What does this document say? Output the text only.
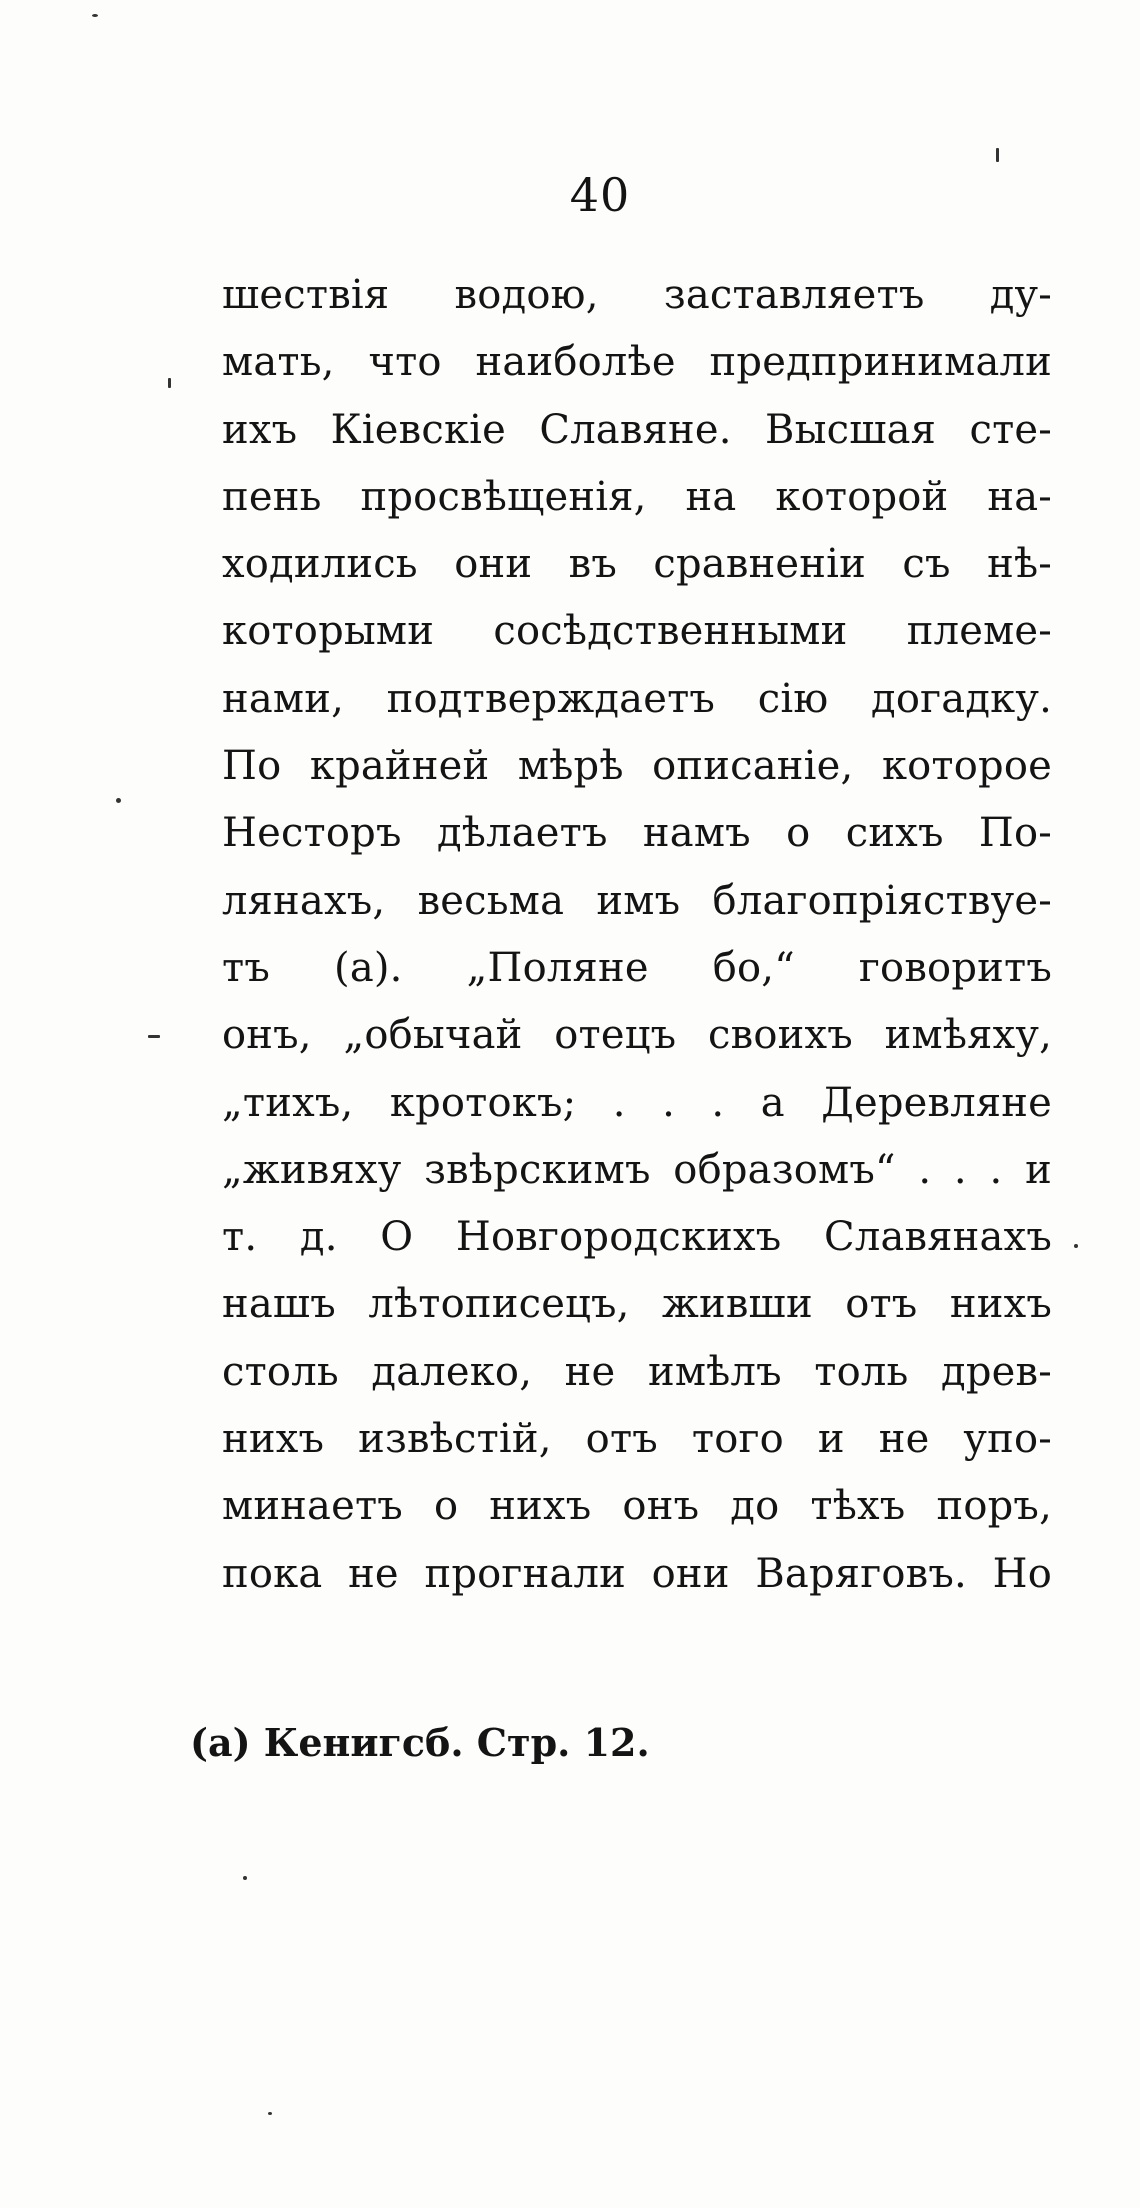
40
шествія водою, заставляетъ ду-
мать, что наиболѣе предпринимали
ихъ Кіевскіе Славяне. Высшая сте-
пень просвѣщенія, на которой на-
ходились они въ сравненіи съ нѣ-
которыми сосѣдственными племе-
нами, подтверждаетъ сію догадку.
По крайней мѣрѣ описаніе, которое
Несторъ дѣлаетъ намъ о сихъ По-
лянахъ, весьма имъ благопріяствуе-
тъ (а). „Поляне бо,“ говоритъ
онъ, „обычай отецъ своихъ имѣяху,
„тихъ, кротокъ; . . . а Деревляне
„живяху звѣрскимъ образомъ“ . . . и
т. д. О Новгородскихъ Славянахъ
нашъ лѣтописецъ, живши отъ нихъ
столь далеко, не имѣлъ толь древ-
нихъ извѣстій, отъ того и не упо-
минаетъ о нихъ онъ до тѣхъ поръ,
пока не прогнали они Варяговъ. Но
(а) Кенигсб. Стр. 12.
